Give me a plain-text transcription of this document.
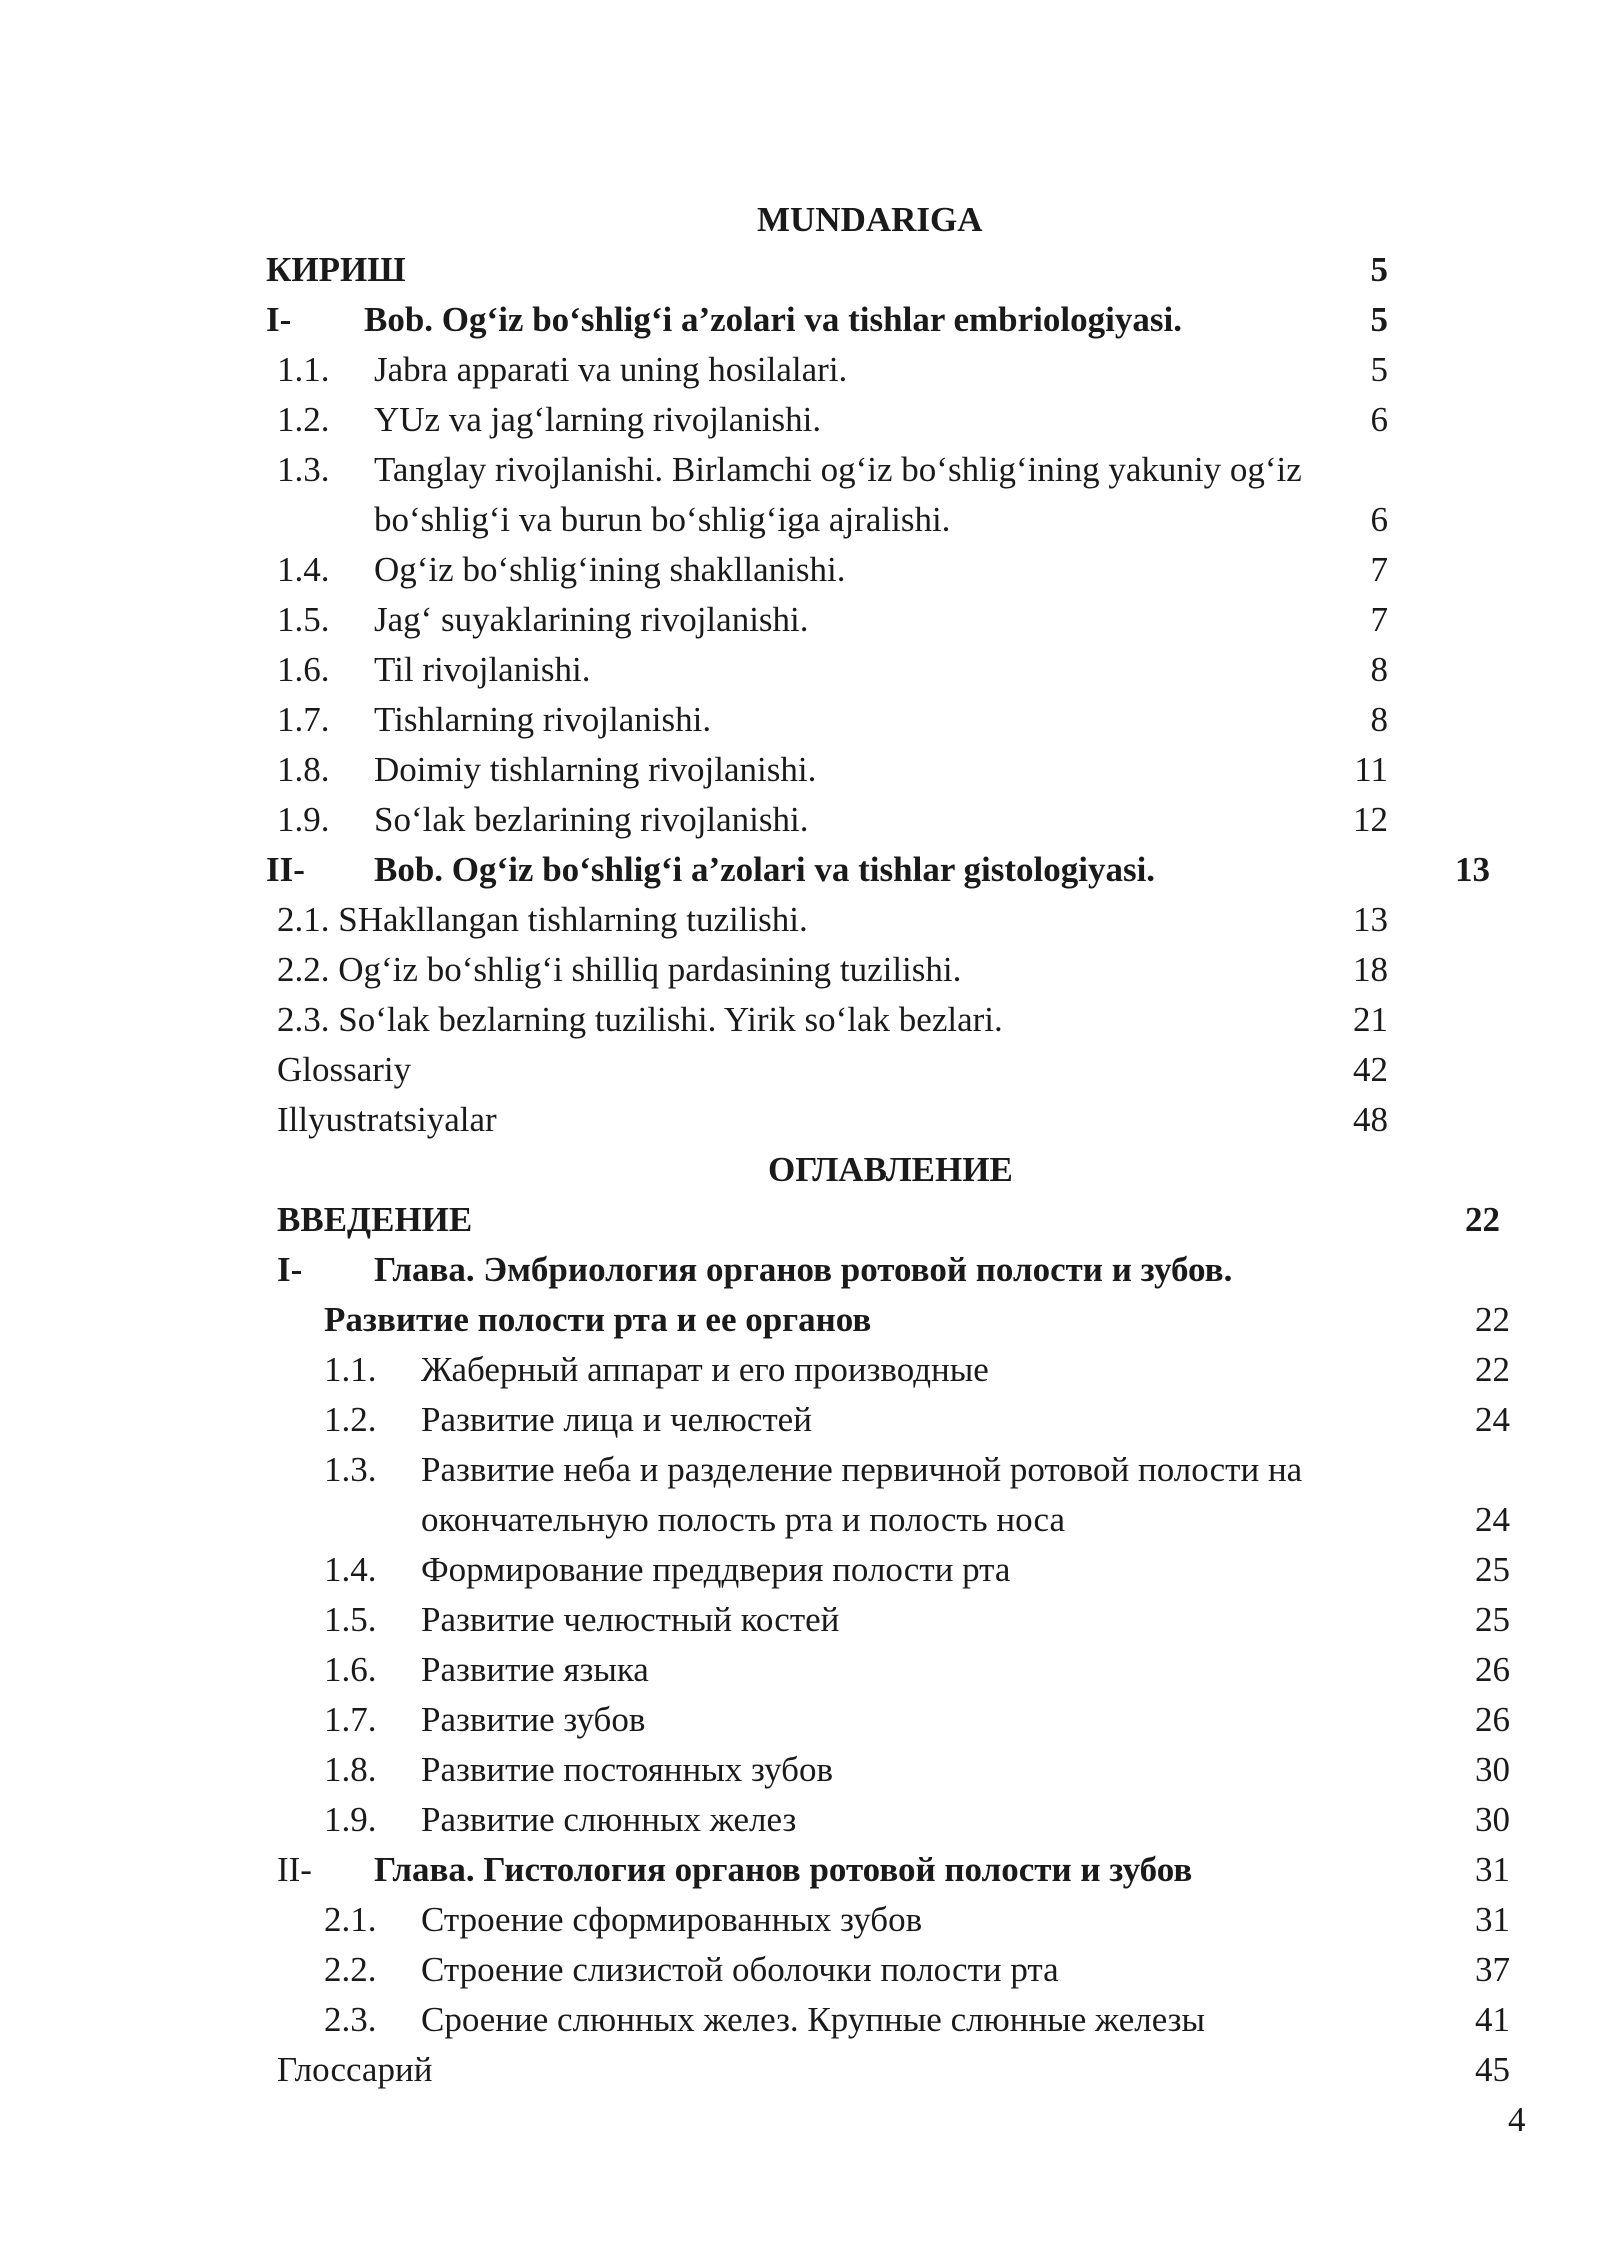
MUNDARIGA
КИРИШ	5
I- Bob. Og‘iz bo‘shlig‘i a’zolari va tishlar embriologiyasi.	5
1.1. Jabra apparati va uning hosilalari.	5
1.2. YUz va jag‘larning rivojlanishi.	6
1.3. Tanglay rivojlanishi. Birlamchi og‘iz bo‘shlig‘ining yakuniy og‘iz
bo‘shlig‘i va burun bo‘shlig‘iga ajralishi.	6
1.4. Og‘iz bo‘shlig‘ining shakllanishi.	7
1.5. Jag‘ suyaklarining rivojlanishi.	7
1.6. Til rivojlanishi.	8
1.7. Tishlarning rivojlanishi.	8
1.8. Doimiy tishlarning rivojlanishi.	11
1.9. So‘lak bezlarining rivojlanishi.	12
II- Bob. Og‘iz bo‘shlig‘i a’zolari va tishlar gistologiyasi.	13
2.1. SHakllangan tishlarning tuzilishi.	13
2.2. Og‘iz bo‘shlig‘i shilliq pardasining tuzilishi.	18
2.3. So‘lak bezlarning tuzilishi. Yirik so‘lak bezlari.	21
Glossariy	42
Illyustratsiyalar	48
ОГЛАВЛЕНИЕ
ВВЕДЕНИЕ	22
I- Глава. Эмбриология органов ротовой полости и зубов.
Развитие полости рта и ее органов	22
1.1. Жаберный аппарат и его производные	22
1.2. Развитие лица и челюстей	24
1.3. Развитие неба и разделение первичной ротовой полости на
окончательную полость рта и полость носа	24
1.4. Формирование преддверия полости рта	25
1.5. Развитие челюстный костей	25
1.6. Развитие языка	26
1.7. Развитие зубов	26
1.8. Развитие постоянных зубов	30
1.9. Развитие слюнных желез	30
II- Глава. Гистология органов ротовой полости и зубов	31
2.1. Строение сформированных зубов	31
2.2. Строение слизистой оболочки полости рта	37
2.3. Сроение слюнных желез. Крупные слюнные железы	41
Глоссарий	45
4
